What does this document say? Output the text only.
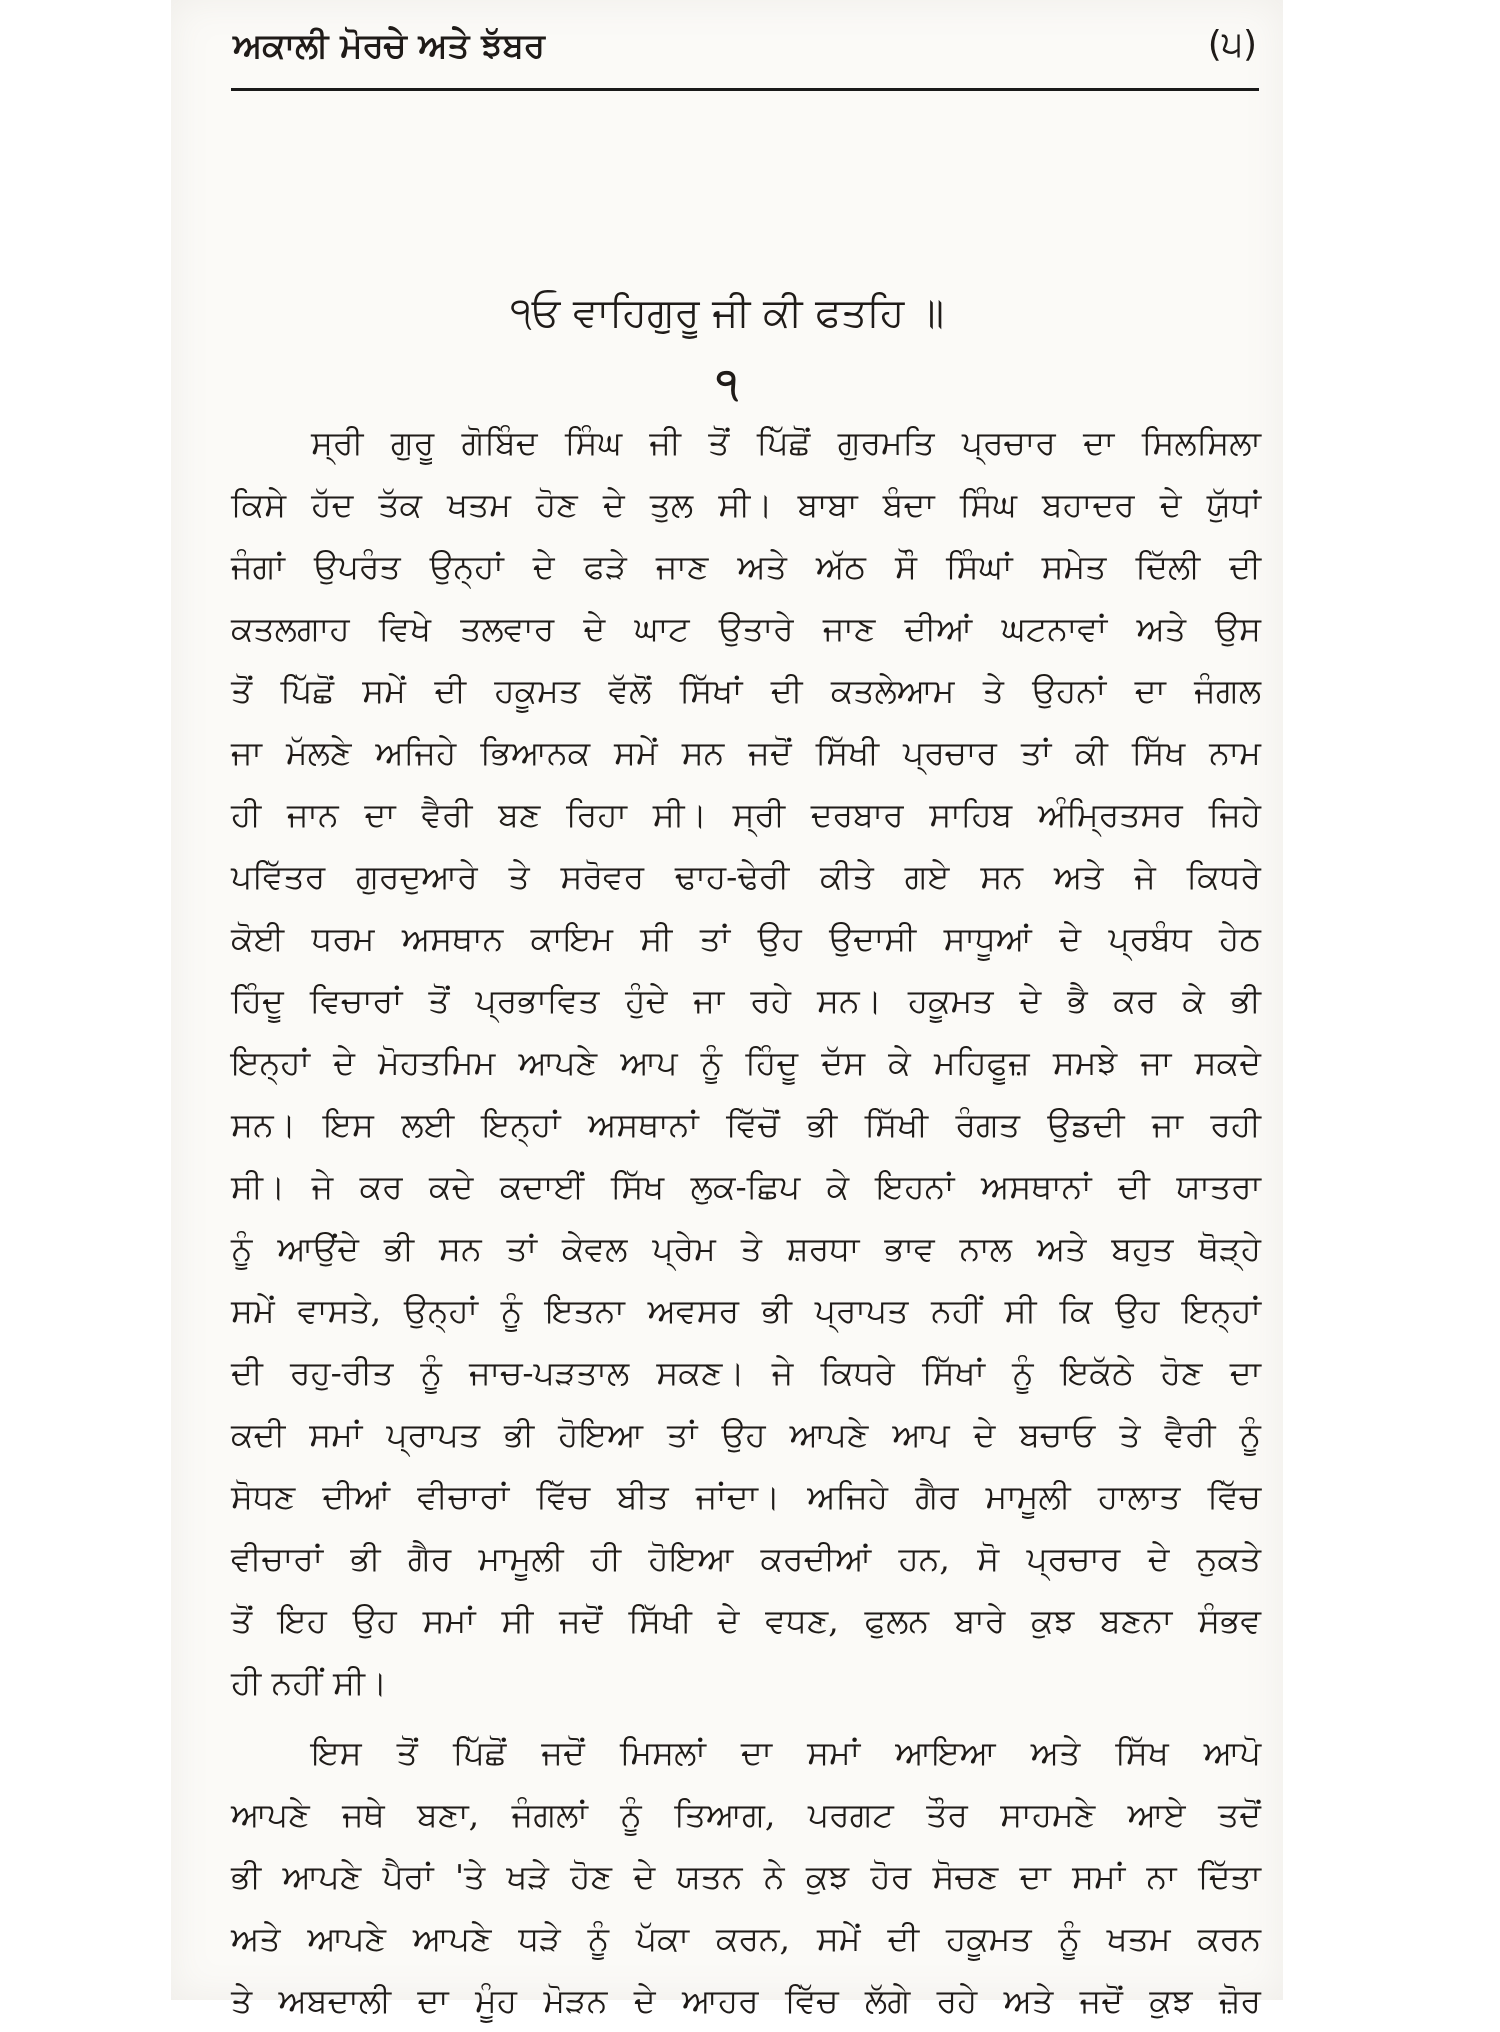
ਅਕਾਲੀ ਮੋਰਚੇ ਅਤੇ ਝੱਬਰ	(੫)
੧ਓ ਵਾਹਿਗੁਰੂ ਜੀ ਕੀ ਫਤਹਿ ॥
੧
ਸ੍ਰੀ ਗੁਰੂ ਗੋਬਿੰਦ ਸਿੰਘ ਜੀ ਤੋਂ ਪਿੱਛੋਂ ਗੁਰਮਤਿ ਪ੍ਰਚਾਰ ਦਾ ਸਿਲਸਿਲਾ
ਕਿਸੇ ਹੱਦ ਤੱਕ ਖਤਮ ਹੋਣ ਦੇ ਤੁਲ ਸੀ। ਬਾਬਾ ਬੰਦਾ ਸਿੰਘ ਬਹਾਦਰ ਦੇ ਯੁੱਧਾਂ
ਜੰਗਾਂ ਉਪਰੰਤ ਉਨ੍ਹਾਂ ਦੇ ਫੜੇ ਜਾਣ ਅਤੇ ਅੱਠ ਸੌ ਸਿੰਘਾਂ ਸਮੇਤ ਦਿੱਲੀ ਦੀ
ਕਤਲਗਾਹ ਵਿਖੇ ਤਲਵਾਰ ਦੇ ਘਾਟ ਉਤਾਰੇ ਜਾਣ ਦੀਆਂ ਘਟਨਾਵਾਂ ਅਤੇ ਉਸ
ਤੋਂ ਪਿੱਛੋਂ ਸਮੇਂ ਦੀ ਹਕੂਮਤ ਵੱਲੋਂ ਸਿੱਖਾਂ ਦੀ ਕਤਲੇਆਮ ਤੇ ਉਹਨਾਂ ਦਾ ਜੰਗਲ
ਜਾ ਮੱਲਣੇ ਅਜਿਹੇ ਭਿਆਨਕ ਸਮੇਂ ਸਨ ਜਦੋਂ ਸਿੱਖੀ ਪ੍ਰਚਾਰ ਤਾਂ ਕੀ ਸਿੱਖ ਨਾਮ
ਹੀ ਜਾਨ ਦਾ ਵੈਰੀ ਬਣ ਰਿਹਾ ਸੀ। ਸ੍ਰੀ ਦਰਬਾਰ ਸਾਹਿਬ ਅੰਮ੍ਰਿਤਸਰ ਜਿਹੇ
ਪਵਿੱਤਰ ਗੁਰਦੁਆਰੇ ਤੇ ਸਰੋਵਰ ਢਾਹ-ਢੇਰੀ ਕੀਤੇ ਗਏ ਸਨ ਅਤੇ ਜੇ ਕਿਧਰੇ
ਕੋਈ ਧਰਮ ਅਸਥਾਨ ਕਾਇਮ ਸੀ ਤਾਂ ਉਹ ਉਦਾਸੀ ਸਾਧੂਆਂ ਦੇ ਪ੍ਰਬੰਧ ਹੇਠ
ਹਿੰਦੂ ਵਿਚਾਰਾਂ ਤੋਂ ਪ੍ਰਭਾਵਿਤ ਹੁੰਦੇ ਜਾ ਰਹੇ ਸਨ। ਹਕੂਮਤ ਦੇ ਭੈ ਕਰ ਕੇ ਭੀ
ਇਨ੍ਹਾਂ ਦੇ ਮੋਹਤਮਿਮ ਆਪਣੇ ਆਪ ਨੂੰ ਹਿੰਦੂ ਦੱਸ ਕੇ ਮਹਿਫੂਜ਼ ਸਮਝੇ ਜਾ ਸਕਦੇ
ਸਨ। ਇਸ ਲਈ ਇਨ੍ਹਾਂ ਅਸਥਾਨਾਂ ਵਿੱਚੋਂ ਭੀ ਸਿੱਖੀ ਰੰਗਤ ਉਡਦੀ ਜਾ ਰਹੀ
ਸੀ। ਜੇ ਕਰ ਕਦੇ ਕਦਾਈਂ ਸਿੱਖ ਲੁਕ-ਛਿਪ ਕੇ ਇਹਨਾਂ ਅਸਥਾਨਾਂ ਦੀ ਯਾਤਰਾ
ਨੂੰ ਆਉਂਦੇ ਭੀ ਸਨ ਤਾਂ ਕੇਵਲ ਪ੍ਰੇਮ ਤੇ ਸ਼ਰਧਾ ਭਾਵ ਨਾਲ ਅਤੇ ਬਹੁਤ ਥੋੜ੍ਹੇ
ਸਮੇਂ ਵਾਸਤੇ, ਉਨ੍ਹਾਂ ਨੂੰ ਇਤਨਾ ਅਵਸਰ ਭੀ ਪ੍ਰਾਪਤ ਨਹੀਂ ਸੀ ਕਿ ਉਹ ਇਨ੍ਹਾਂ
ਦੀ ਰਹੁ-ਰੀਤ ਨੂੰ ਜਾਚ-ਪੜਤਾਲ ਸਕਣ। ਜੇ ਕਿਧਰੇ ਸਿੱਖਾਂ ਨੂੰ ਇਕੱਠੇ ਹੋਣ ਦਾ
ਕਦੀ ਸਮਾਂ ਪ੍ਰਾਪਤ ਭੀ ਹੋਇਆ ਤਾਂ ਉਹ ਆਪਣੇ ਆਪ ਦੇ ਬਚਾਓ ਤੇ ਵੈਰੀ ਨੂੰ
ਸੋਧਣ ਦੀਆਂ ਵੀਚਾਰਾਂ ਵਿੱਚ ਬੀਤ ਜਾਂਦਾ। ਅਜਿਹੇ ਗੈਰ ਮਾਮੂਲੀ ਹਾਲਾਤ ਵਿੱਚ
ਵੀਚਾਰਾਂ ਭੀ ਗੈਰ ਮਾਮੂਲੀ ਹੀ ਹੋਇਆ ਕਰਦੀਆਂ ਹਨ, ਸੋ ਪ੍ਰਚਾਰ ਦੇ ਨੁਕਤੇ
ਤੋਂ ਇਹ ਉਹ ਸਮਾਂ ਸੀ ਜਦੋਂ ਸਿੱਖੀ ਦੇ ਵਧਣ, ਫੁਲਨ ਬਾਰੇ ਕੁਝ ਬਣਨਾ ਸੰਭਵ
ਹੀ ਨਹੀਂ ਸੀ।
ਇਸ ਤੋਂ ਪਿੱਛੋਂ ਜਦੋਂ ਮਿਸਲਾਂ ਦਾ ਸਮਾਂ ਆਇਆ ਅਤੇ ਸਿੱਖ ਆਪੋ
ਆਪਣੇ ਜਥੇ ਬਣਾ, ਜੰਗਲਾਂ ਨੂੰ ਤਿਆਗ, ਪਰਗਟ ਤੌਰ ਸਾਹਮਣੇ ਆਏ ਤਦੋਂ
ਭੀ ਆਪਣੇ ਪੈਰਾਂ 'ਤੇ ਖੜੇ ਹੋਣ ਦੇ ਯਤਨ ਨੇ ਕੁਝ ਹੋਰ ਸੋਚਣ ਦਾ ਸਮਾਂ ਨਾ ਦਿੱਤਾ
ਅਤੇ ਆਪਣੇ ਆਪਣੇ ਧੜੇ ਨੂੰ ਪੱਕਾ ਕਰਨ, ਸਮੇਂ ਦੀ ਹਕੂਮਤ ਨੂੰ ਖਤਮ ਕਰਨ
ਤੇ ਅਬਦਾਲੀ ਦਾ ਮੂੰਹ ਮੋੜਨ ਦੇ ਆਹਰ ਵਿੱਚ ਲੱਗੇ ਰਹੇ ਅਤੇ ਜਦੋਂ ਕੁਝ ਜ਼ੋਰ
